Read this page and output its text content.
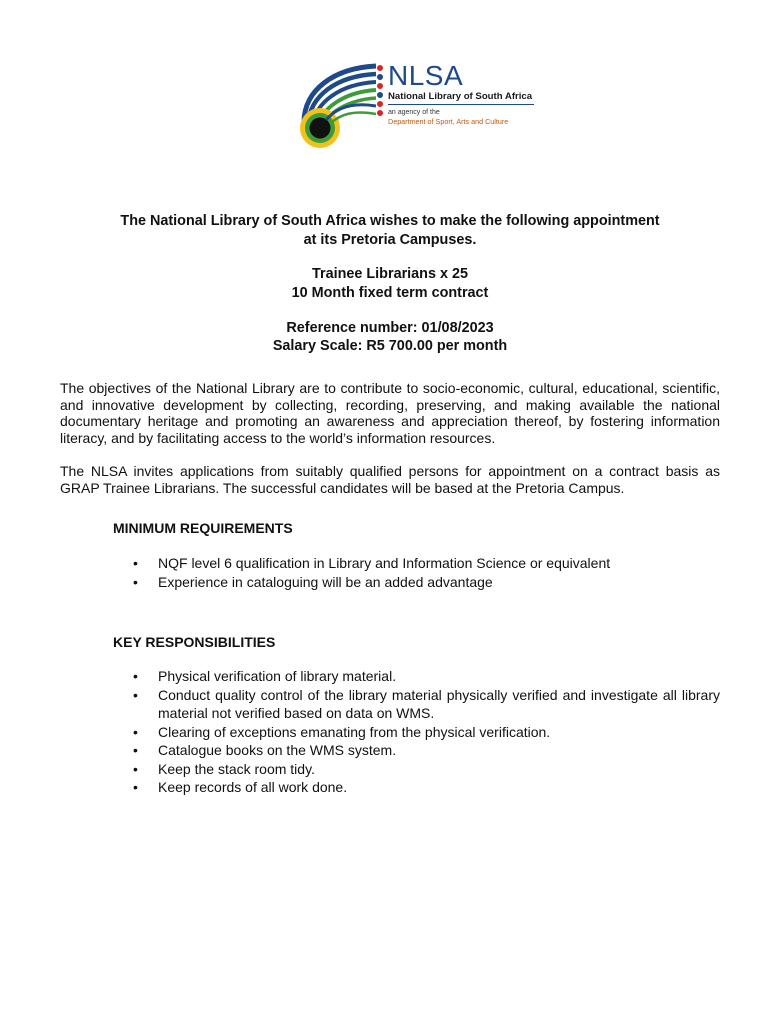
NLSA
National Library of South Africa
an agency of the
Department of Sport, Arts and Culture

The National Library of South Africa wishes to make the following appointment

at its Pretoria Campuses.

Trainee Librarians x 25

10 Month fixed term contract

Reference number: 01/08/2023

Salary Scale: R5 700.00 per month

The objectives of the National Library are to contribute to socio-economic, cultural, educational, scientific, and innovative development by collecting, recording, preserving, and making available the national documentary heritage and promoting an awareness and appreciation thereof, by fostering information literacy, and by facilitating access to the world’s information resources.

The NLSA invites applications from suitably qualified persons for appointment on a contract basis as GRAP Trainee Librarians. The successful candidates will be based at the Pretoria Campus.

MINIMUM REQUIREMENTS

• NQF level 6 qualification in Library and Information Science or equivalent
• Experience in cataloguing will be an added advantage

KEY RESPONSIBILITIES

• Physical verification of library material.
• Conduct quality control of the library material physically verified and investigate all library material not verified based on data on WMS.
• Clearing of exceptions emanating from the physical verification.
• Catalogue books on the WMS system.
• Keep the stack room tidy.
• Keep records of all work done.
